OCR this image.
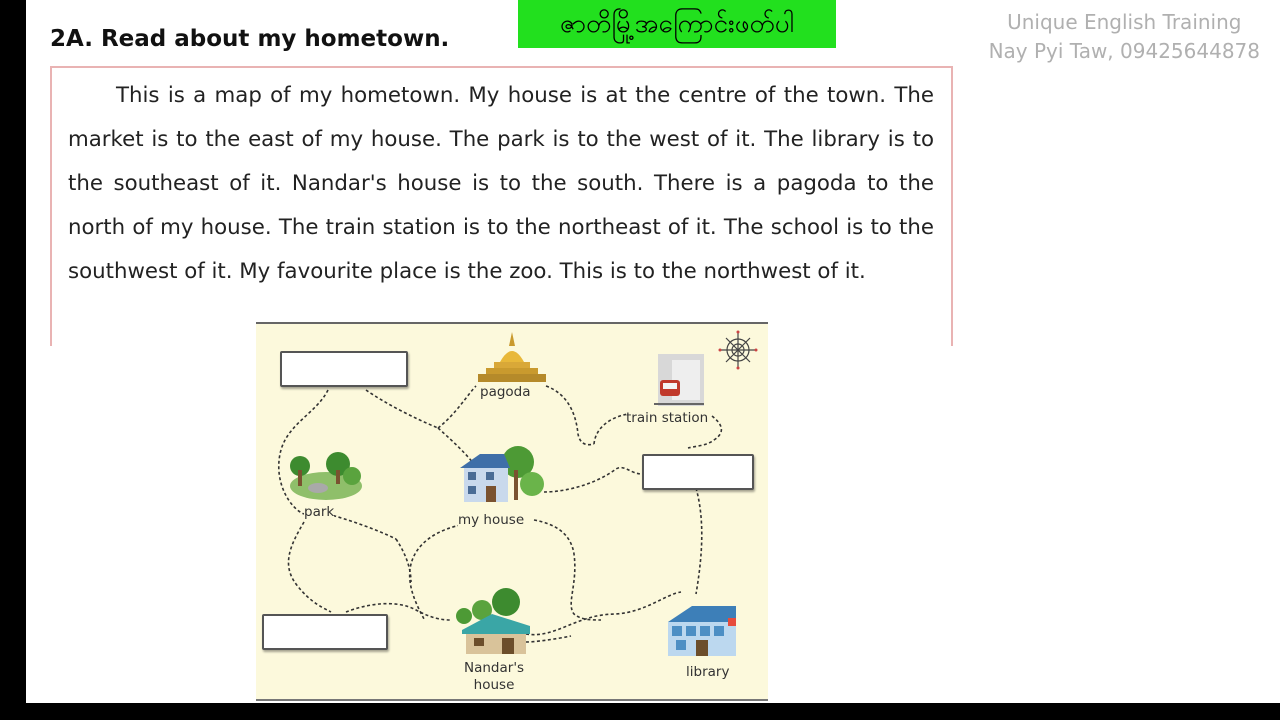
2A. Read about my hometown.	ဇာတိမြို့အကြောင်းဖတ်ပါ	Unique English Training
Nay Pyi Taw, 09425644878
This is a map of my hometown. My house is at the centre of the town. The market is to the east of my house. The park is to the west of it. The library is to the southeast of it. Nandar's house is to the south. There is a pagoda to the north of my house. The train station is to the northeast of it. The school is to the southwest of it. My favourite place is the zoo. This is to the northwest of it.
pagoda
train station
park	my house
Nandar's
house
library
